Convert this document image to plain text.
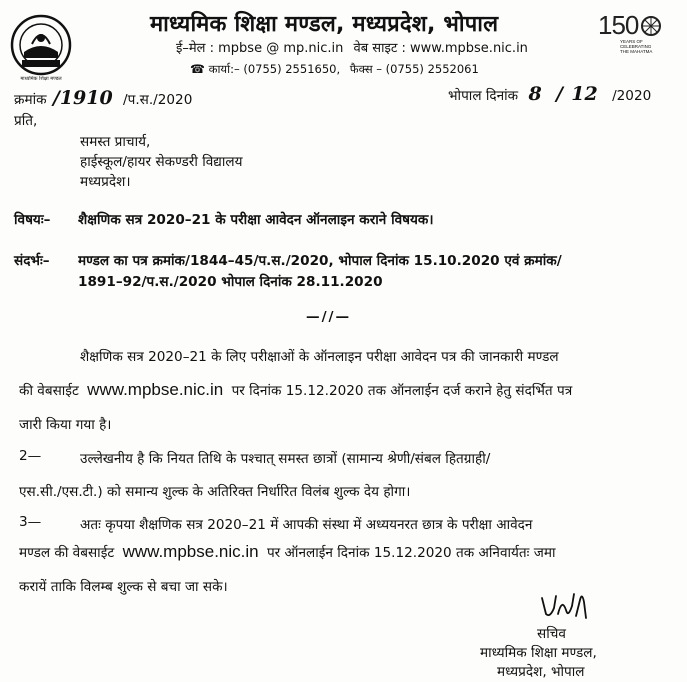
माध्यमिक शिक्षा मण्डल
150
YEARS OF
CELEBRATING
THE MAHATMA
माध्यमिक शिक्षा मण्डल, मध्यप्रदेश, भोपाल
ई–मेल : mpbse @ mp.nic.in वेब साइट : www.mpbse.nic.in
☎ कार्या:– (0755) 2551650, फैक्स – (0755) 2552061
क्रमांक /1910 /प.स./2020	भोपाल दिनांक 8 / 12 /2020
प्रति,
समस्त प्राचार्य,
हाईस्कूल/हायर सेकण्डरी विद्यालय
मध्यप्रदेश।
विषयः– शैक्षणिक सत्र 2020–21 के परीक्षा आवेदन ऑनलाइन कराने विषयक।
संदर्भः– मण्डल का पत्र क्रमांक/1844–45/प.स./2020, भोपाल दिनांक 15.10.2020 एवं क्रमांक/
1891–92/प.स./2020 भोपाल दिनांक 28.11.2020
—//—
शैक्षणिक सत्र 2020–21 के लिए परीक्षाओं के ऑनलाइन परीक्षा आवेदन पत्र की जानकारी मण्डल
की वेबसाईट www.mpbse.nic.in पर दिनांक 15.12.2020 तक ऑनलाईन दर्ज कराने हेतु संदर्भित पत्र
जारी किया गया है।
2—	उल्लेखनीय है कि नियत तिथि के पश्चात् समस्त छात्रों (सामान्य श्रेणी/संबल हितग्राही/
एस.सी./एस.टी.) को समान्य शुल्क के अतिरिक्त निर्धारित विलंब शुल्क देय होगा।
3—	अतः कृपया शैक्षणिक सत्र 2020–21 में आपकी संस्था में अध्ययनरत छात्र के परीक्षा आवेदन
मण्डल की वेबसाईट www.mpbse.nic.in पर ऑनलाईन दिनांक 15.12.2020 तक अनिवार्यतः जमा
करायें ताकि विलम्ब शुल्क से बचा जा सके।
सचिव
माध्यमिक शिक्षा मण्डल,
मध्यप्रदेश, भोपाल
